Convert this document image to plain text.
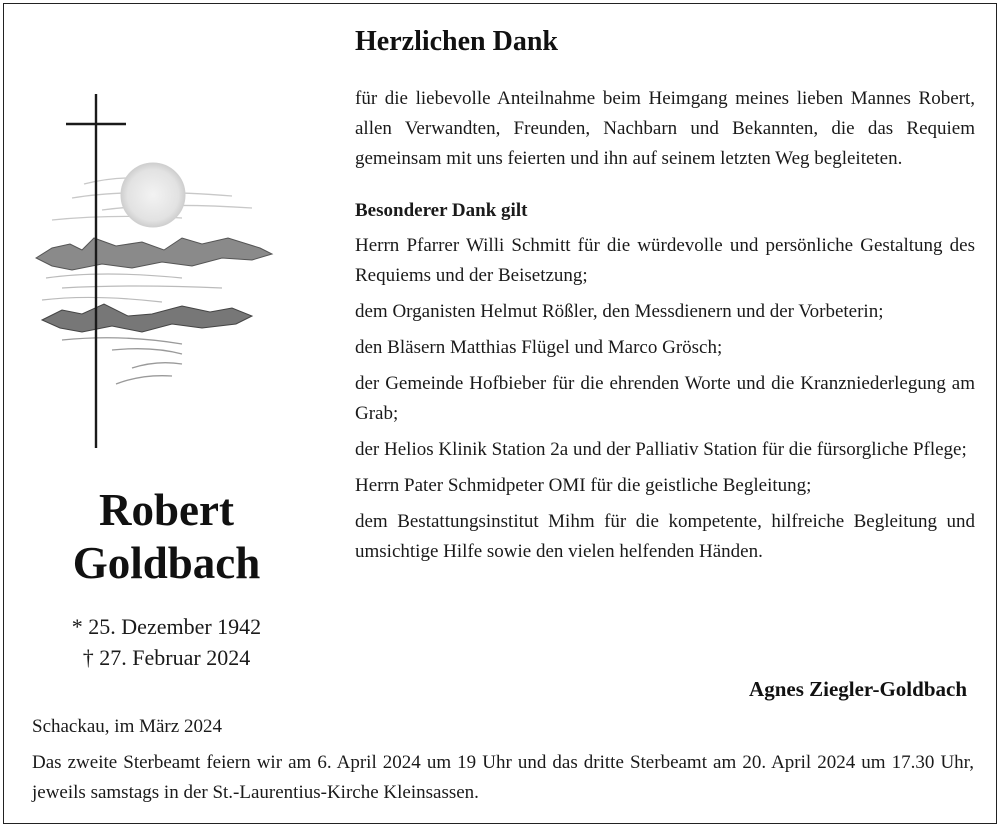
Robert

Goldbach

* 25. Dezember 1942
† 27. Februar 2024
Herzlichen Dank

für die liebevolle Anteilnahme beim Heimgang meines lieben Mannes Robert, allen Verwandten, Freunden, Nachbarn und Bekannten, die das Requiem gemeinsam mit uns feierten und ihn auf seinem letzten Weg begleiteten.

Besonderer Dank gilt

Herrn Pfarrer Willi Schmitt für die würdevolle und persönliche Gestaltung des Requiems und der Beisetzung;

dem Organisten Helmut Rößler, den Messdienern und der Vorbeterin;

den Bläsern Matthias Flügel und Marco Grösch;

der Gemeinde Hofbieber für die ehrenden Worte und die Kranzniederlegung am Grab;

der Helios Klinik Station 2a und der Palliativ Station für die fürsorgliche Pflege;

Herrn Pater Schmidpeter OMI für die geistliche Begleitung;

dem Bestattungsinstitut Mihm für die kompetente, hilfreiche Begleitung und umsichtige Hilfe sowie den vielen helfenden Händen.

Agnes Ziegler-Goldbach

Schackau, im März 2024

Das zweite Sterbeamt feiern wir am 6. April 2024 um 19 Uhr und das dritte Sterbeamt am 20. April 2024 um 17.30 Uhr, jeweils samstags in der St.-Laurentius-Kirche Kleinsassen.
